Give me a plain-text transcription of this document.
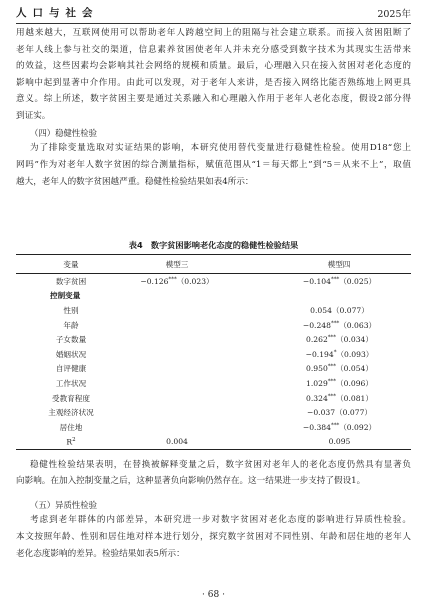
人口与社会	2025年
用越来越大，互联网使用可以帮助老年人跨越空间上的阻隔与社会建立联系。而接入贫困阻断了
老年人线上参与社交的渠道，信息素养贫困使老年人并未充分感受到数字技术为其现实生活带来
的效益，这些因素均会影响其社会网络的规模和质量。最后，心理融入只在接入贫困对老化态度的
影响中起到显著中介作用。由此可以发现，对于老年人来讲，是否接入网络比能否熟练地上网更具
意义。综上所述，数字贫困主要是通过关系融入和心理融入作用于老年人老化态度，假设2部分得
到证实。
（四）稳健性检验
为了排除变量选取对实证结果的影响，本研究使用替代变量进行稳健性检验。使用D18“您上
网吗”作为对老年人数字贫困的综合测量指标，赋值范围从“1＝每天都上”到“5＝从来不上”，取值
越大，老年人的数字贫困越严重。稳健性检验结果如表4所示：
表4　数字贫困影响老化态度的稳健性检验结果
变量	模型三	模型四
数字贫困	−0.126***（0.023）	−0.104***（0.025）
控制变量		
性别		0.054（0.077）
年龄		−0.248***（0.063）
子女数量		0.262***（0.034）
婚姻状况		−0.194*（0.093）
自评健康		0.950***（0.054）
工作状况		1.029***（0.096）
受教育程度		0.324***（0.081）
主观经济状况		−0.037（0.077）
居住地		−0.384***（0.092）
$R^2$	0.004	0.095
稳健性检验结果表明，在替换被解释变量之后，数字贫困对老年人的老化态度仍然具有显著负
向影响。在加入控制变量之后，这种显著负向影响仍然存在。这一结果进一步支持了假设1。
（五）异质性检验
考虑到老年群体的内部差异，本研究进一步对数字贫困对老化态度的影响进行异质性检验。
本文按照年龄、性别和居住地对样本进行划分，探究数字贫困对不同性别、年龄和居住地的老年人
老化态度影响的差异。检验结果如表5所示：
· 68 ·
